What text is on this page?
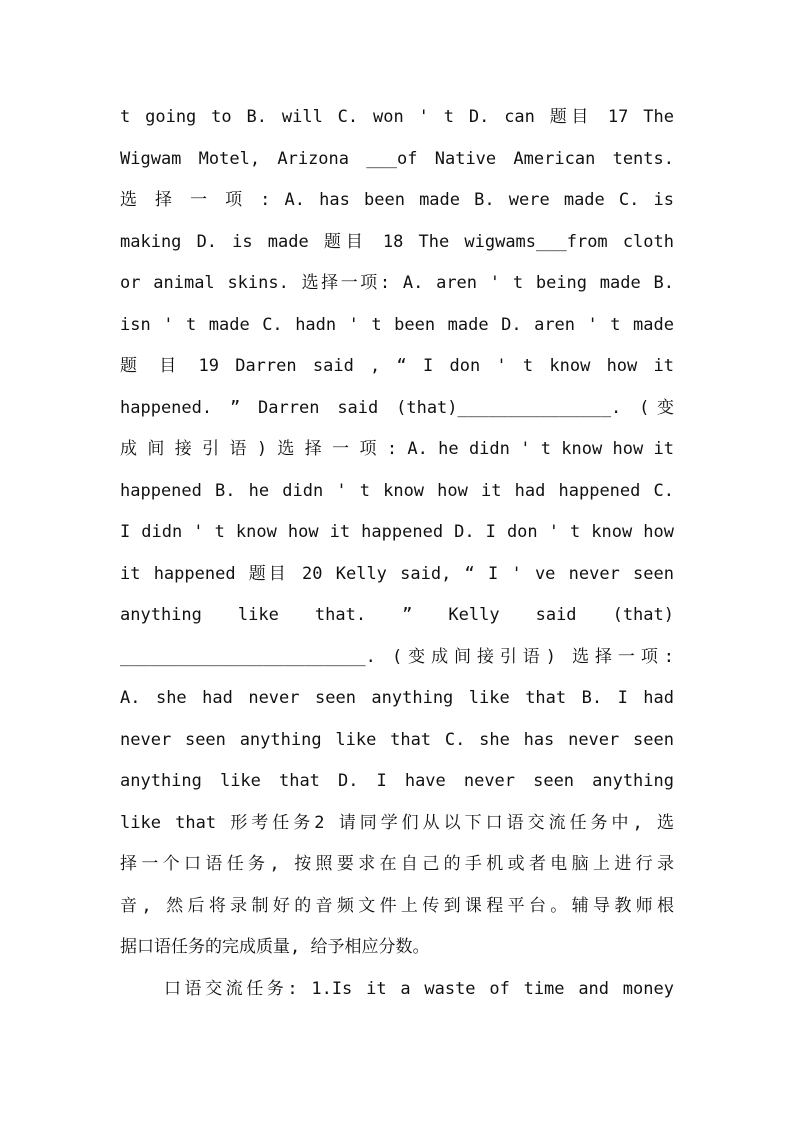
t going to B. will C. won ' t D. can 题目 17 The
Wigwam Motel, Arizona ___of Native American tents.
选 择 一 项 : A. has been made B. were made C. is
making D. is made 题目 18 The wigwams___from cloth
or animal skins. 选择一项: A. aren ' t being made B.
isn ' t made C. hadn ' t been made D. aren ' t made
题 目 19 Darren said , “ I don ' t know how it
happened. ” Darren said (that)_______________. (变
成 间 接 引 语 ) 选 择 一 项 : A. he didn ' t know how it
happened B. he didn ' t know how it had happened C.
I didn ' t know how it happened D. I don ' t know how
it happened 题目 20 Kelly said, “ I ' ve never seen
anything like that. ” Kelly said (that)
________________________. (变成间接引语) 选择一项:
A. she had never seen anything like that B. I had
never seen anything like that C. she has never seen
anything like that D. I have never seen anything
like that 形考任务2 请同学们从以下口语交流任务中, 选
择一个口语任务, 按照要求在自己的手机或者电脑上进行录
音, 然后将录制好的音频文件上传到课程平台。辅导教师根
据口语任务的完成质量, 给予相应分数。
口语交流任务: 1.Is it a waste of time and money
